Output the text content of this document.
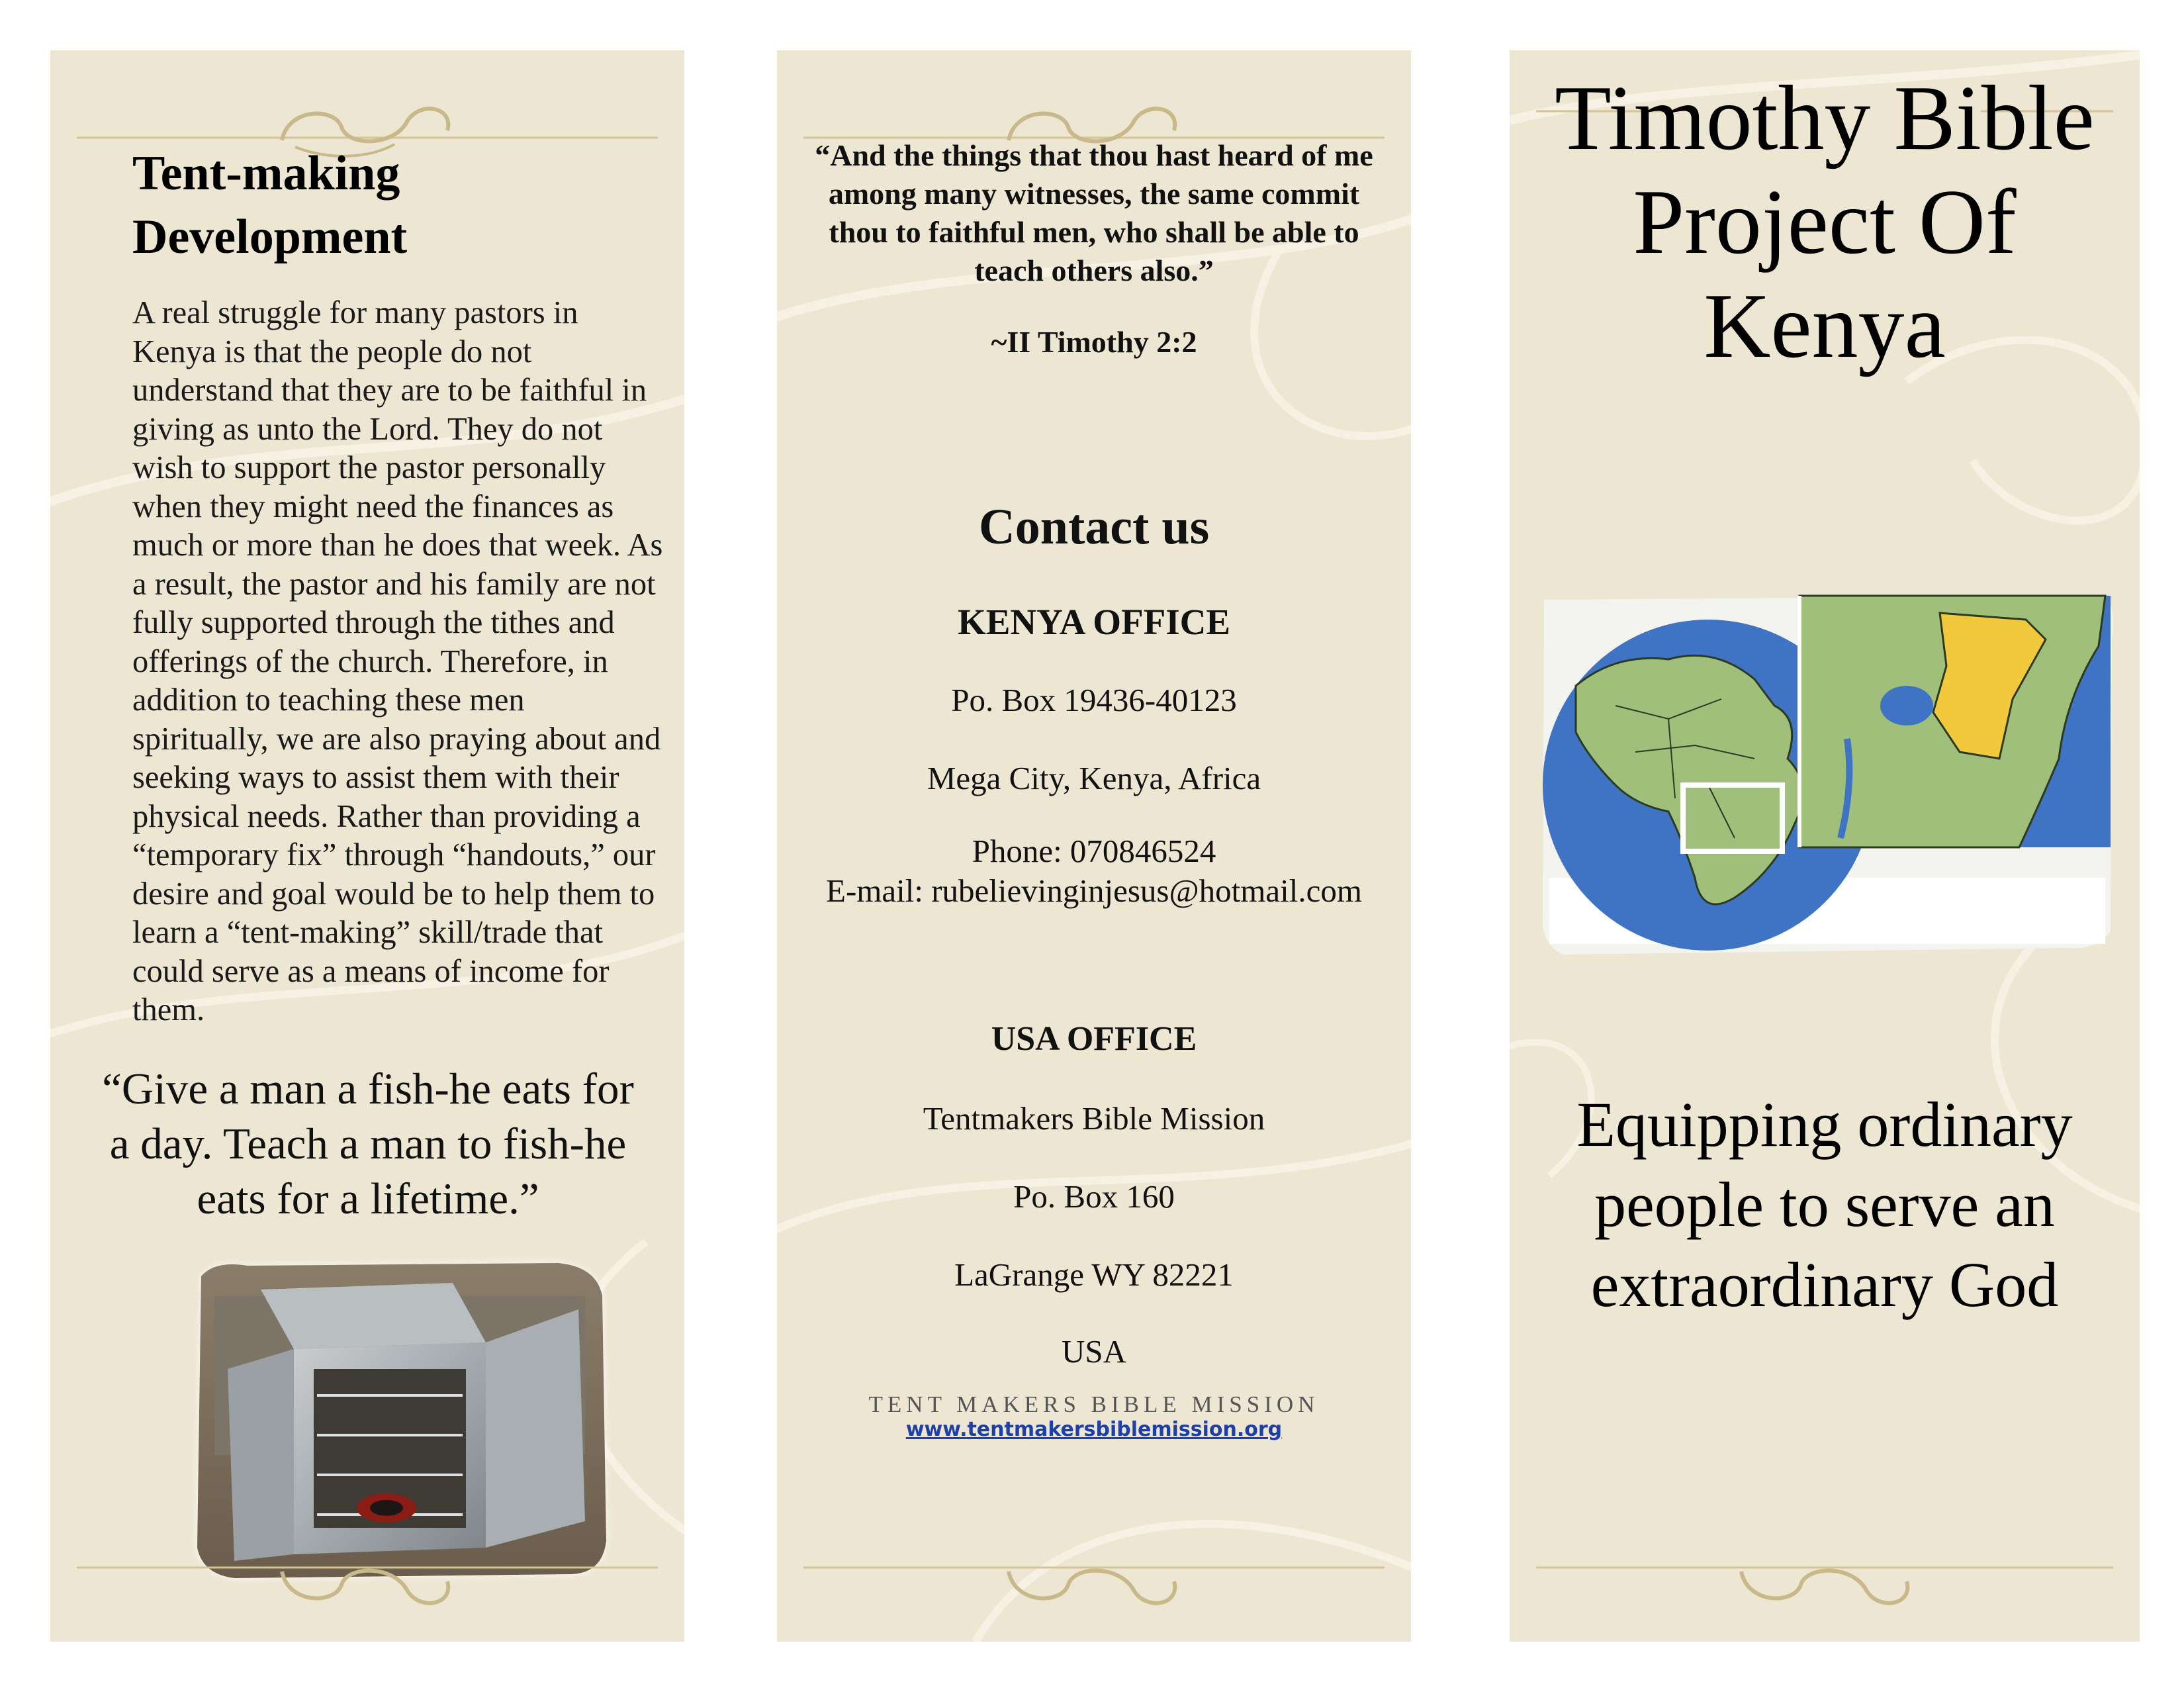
Tent-making Development
A real struggle for many pastors in Kenya is that the people do not understand that they are to be faithful in giving as unto the Lord. They do not wish to support the pastor personally when they might need the finances as much or more than he does that week. As a result, the pastor and his family are not fully supported through the tithes and offerings of the church. Therefore, in addition to teaching these men spiritually, we are also praying about and seeking ways to assist them with their physical needs. Rather than providing a “temporary fix” through “handouts,” our desire and goal would be to help them to learn a “tent-making” skill/trade that could serve as a means of income for them.
“Give a man a fish-he eats for a day. Teach a man to fish-he eats for a lifetime.”
“And the things that thou hast heard of me among many witnesses, the same commit thou to faithful men, who shall be able to teach others also.”
~II Timothy 2:2
Contact us
KENYA OFFICE
Po. Box 19436-40123
Mega City, Kenya, Africa
Phone: 070846524
E-mail: rubelievinginjesus@hotmail.com
USA OFFICE
Tentmakers Bible Mission
Po. Box 160
LaGrange WY 82221
USA
TENT MAKERS BIBLE MISSION
www.tentmakersbiblemission.org
Timothy Bible Project Of Kenya
Equipping ordinary people to serve an extraordinary God
